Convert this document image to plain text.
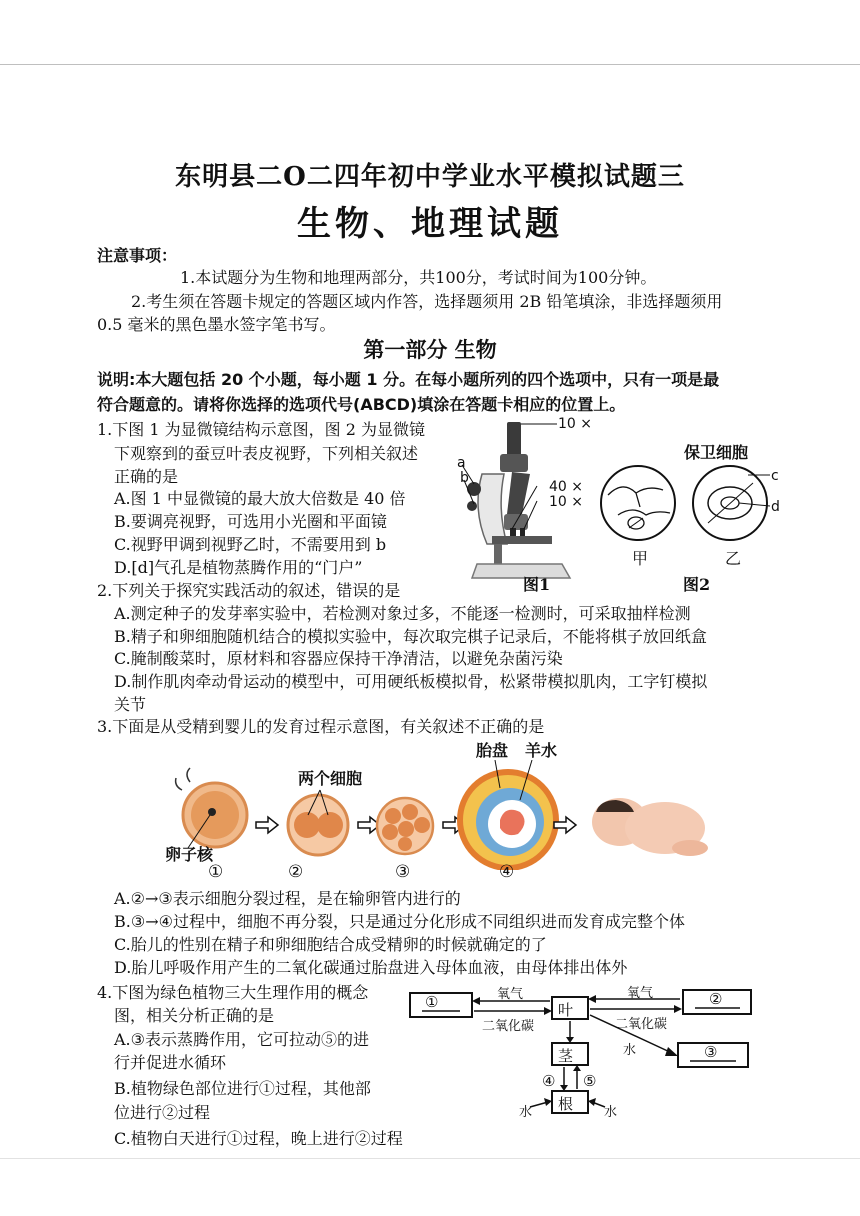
东明县二O二四年初中学业水平模拟试题三
生物、地理试题
注意事项：
1.本试题分为生物和地理两部分，共100分，考试时间为100分钟。
2.考生须在答题卡规定的答题区域内作答，选择题须用 2B 铅笔填涂，非选择题须用
0.5 毫米的黑色墨水签字笔书写。
第一部分 生物
说明:本大题包括 20 个小题，每小题 1 分。在每小题所列的四个选项中，只有一项是最
符合题意的。请将你选择的选项代号(ABCD)填涂在答题卡相应的位置上。
1.下图 1 为显微镜结构示意图，图 2 为显微镜
下观察到的蚕豆叶表皮视野，下列相关叙述
正确的是
A.图 1 中显微镜的最大放大倍数是 40 倍
B.要调亮视野，可选用小光圈和平面镜
C.视野甲调到视野乙时，不需要用到 b
D.[d]气孔是植物蒸腾作用的“门户”
10 ×
40 ×
10 ×
a
b
图1
保卫细胞
c
d
甲	乙
图2
2.下列关于探究实践活动的叙述，错误的是
A.测定种子的发芽率实验中，若检测对象过多，不能逐一检测时，可采取抽样检测
B.精子和卵细胞随机结合的模拟实验中，每次取完棋子记录后，不能将棋子放回纸盒
C.腌制酸菜时，原材料和容器应保持干净清洁，以避免杂菌污染
D.制作肌肉牵动骨运动的模型中，可用硬纸板模拟骨，松紧带模拟肌肉，工字钉模拟
关节
3.下面是从受精到婴儿的发育过程示意图，有关叙述不正确的是
胎盘 羊水
两个细胞
卵子核
①	②	③	④
A.②→③表示细胞分裂过程，是在输卵管内进行的
B.③→④过程中，细胞不再分裂，只是通过分化形成不同组织进而发育成完整个体
C.胎儿的性别在精子和卵细胞结合成受精卵的时候就确定的了
D.胎儿呼吸作用产生的二氧化碳通过胎盘进入母体血液，由母体排出体外
4.下图为绿色植物三大生理作用的概念
图，相关分析正确的是
A.③表示蒸腾作用，它可拉动⑤的进
行并促进水循环
B.植物绿色部位进行①过程，其他部
位进行②过程
C.植物白天进行①过程，晚上进行②过程
①	叶
②
③
茎
根
氧气
二氧化碳
氧气
二氧化碳
水
④ ⑤
水	水
